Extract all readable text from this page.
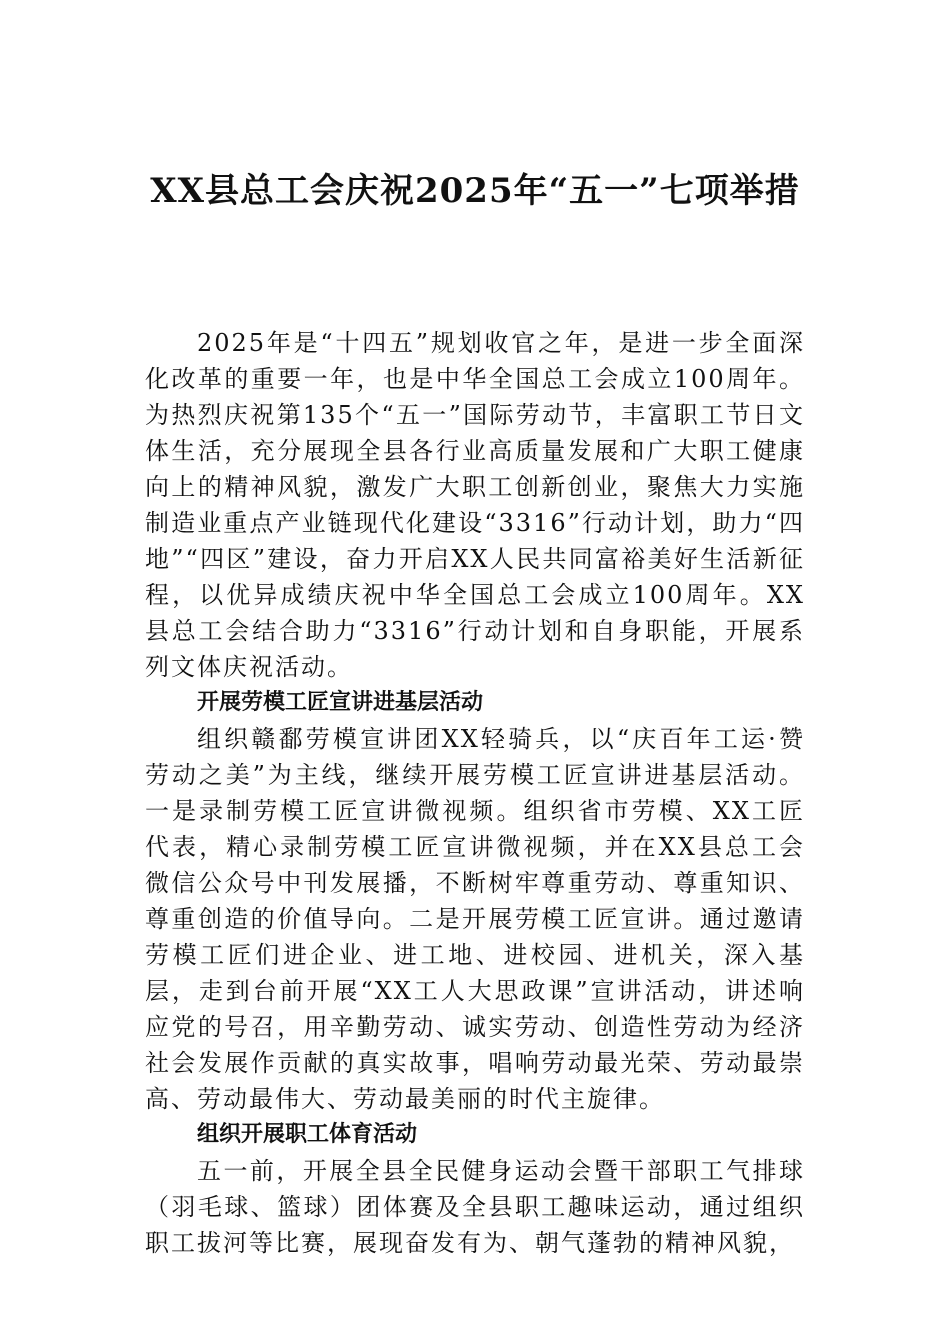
XX县总工会庆祝2025年“五一”七项举措

2025年是“十四五”规划收官之年，是进一步全面深化改革的重要一年，也是中华全国总工会成立100周年。为热烈庆祝第135个“五一”国际劳动节，丰富职工节日文体生活，充分展现全县各行业高质量发展和广大职工健康向上的精神风貌，激发广大职工创新创业，聚焦大力实施制造业重点产业链现代化建设“3316”行动计划，助力“四地”“四区”建设，奋力开启XX人民共同富裕美好生活新征程，以优异成绩庆祝中华全国总工会成立100周年。XX县总工会结合助力“3316”行动计划和自身职能，开展系列文体庆祝活动。

开展劳模工匠宣讲进基层活动

组织赣鄱劳模宣讲团XX轻骑兵，以“庆百年工运·赞劳动之美”为主线，继续开展劳模工匠宣讲进基层活动。一是录制劳模工匠宣讲微视频。组织省市劳模、XX工匠代表，精心录制劳模工匠宣讲微视频，并在XX县总工会微信公众号中刊发展播，不断树牢尊重劳动、尊重知识、尊重创造的价值导向。二是开展劳模工匠宣讲。通过邀请劳模工匠们进企业、进工地、进校园、进机关，深入基层，走到台前开展“XX工人大思政课”宣讲活动，讲述响应党的号召，用辛勤劳动、诚实劳动、创造性劳动为经济社会发展作贡献的真实故事，唱响劳动最光荣、劳动最崇高、劳动最伟大、劳动最美丽的时代主旋律。

组织开展职工体育活动

五一前，开展全县全民健身运动会暨干部职工气排球（羽毛球、篮球）团体赛及全县职工趣味运动，通过组织职工拔河等比赛，展现奋发有为、朝气蓬勃的精神风貌，
